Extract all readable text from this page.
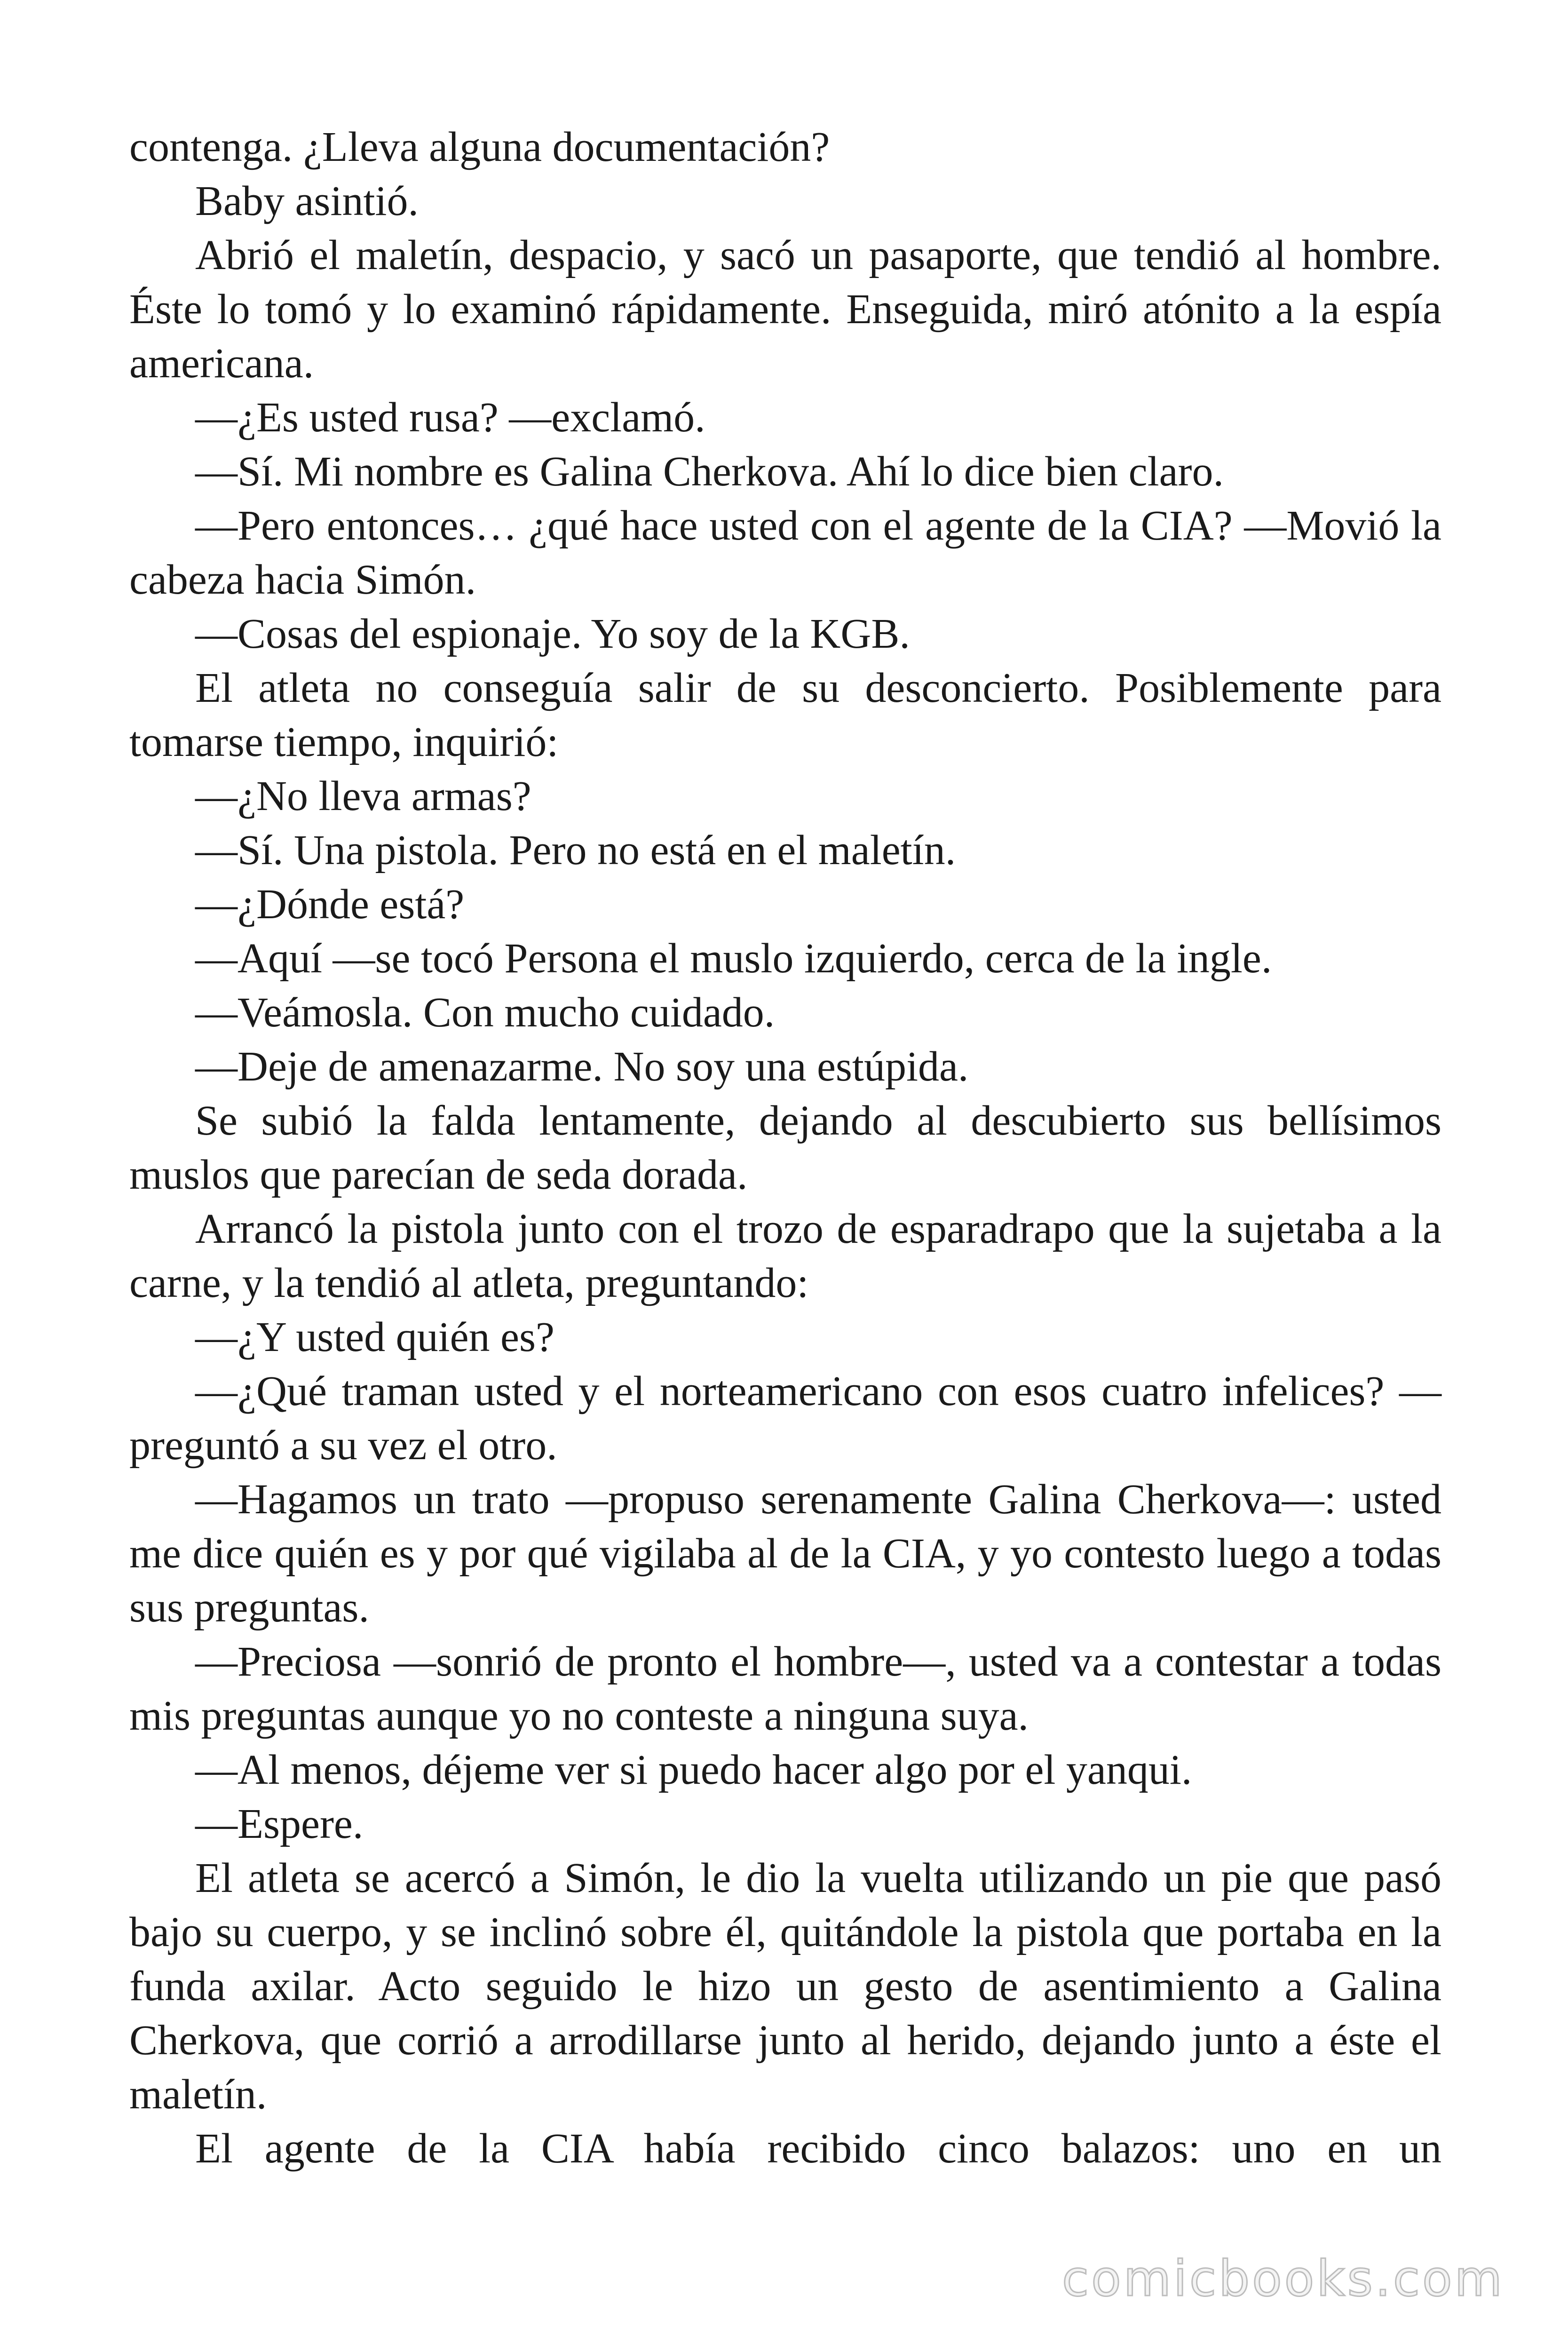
contenga. ¿Lleva alguna documentación?

Baby asintió.

Abrió el maletín, despacio, y sacó un pasaporte, que tendió al hombre. Éste lo tomó y lo examinó rápidamente. Enseguida, miró atónito a la espía americana.

—¿Es usted rusa? —exclamó.

—Sí. Mi nombre es Galina Cherkova. Ahí lo dice bien claro.

—Pero entonces… ¿qué hace usted con el agente de la CIA? —Movió la cabeza hacia Simón.

—Cosas del espionaje. Yo soy de la KGB.

El atleta no conseguía salir de su desconcierto. Posiblemente para tomarse tiempo, inquirió:

—¿No lleva armas?

—Sí. Una pistola. Pero no está en el maletín.

—¿Dónde está?

—Aquí —se tocó Persona el muslo izquierdo, cerca de la ingle.

—Veámosla. Con mucho cuidado.

—Deje de amenazarme. No soy una estúpida.

Se subió la falda lentamente, dejando al descubierto sus bellísimos muslos que parecían de seda dorada.

Arrancó la pistola junto con el trozo de esparadrapo que la sujetaba a la carne, y la tendió al atleta, preguntando:

—¿Y usted quién es?

—¿Qué traman usted y el norteamericano con esos cuatro infelices? —preguntó a su vez el otro.

—Hagamos un trato —propuso serenamente Galina Cherkova—: usted me dice quién es y por qué vigilaba al de la CIA, y yo contesto luego a todas sus preguntas.

—Preciosa —sonrió de pronto el hombre—, usted va a contestar a todas mis preguntas aunque yo no conteste a ninguna suya.

—Al menos, déjeme ver si puedo hacer algo por el yanqui.

—Espere.

El atleta se acercó a Simón, le dio la vuelta utilizando un pie que pasó bajo su cuerpo, y se inclinó sobre él, quitándole la pistola que portaba en la funda axilar. Acto seguido le hizo un gesto de asentimiento a Galina Cherkova, que corrió a arrodillarse junto al herido, dejando junto a éste el maletín.

El agente de la CIA había recibido cinco balazos: uno en un

comicbooks.com
